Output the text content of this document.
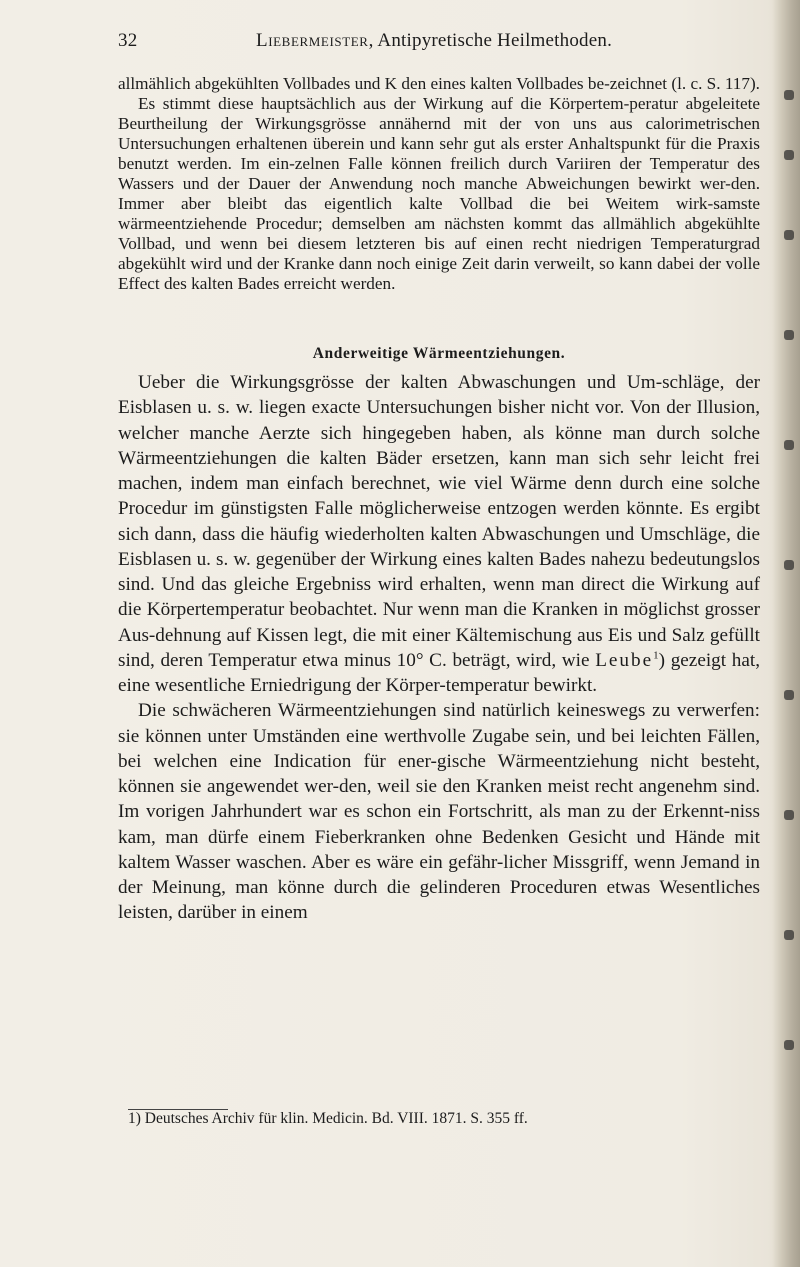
32	Liebermeister, Antipyretische Heilmethoden.

allmählich abgekühlten Vollbades und K den eines kalten Vollbades be-zeichnet (l. c. S. 117).

Es stimmt diese hauptsächlich aus der Wirkung auf die Körpertem-peratur abgeleitete Beurtheilung der Wirkungsgrösse annähernd mit der von uns aus calorimetrischen Untersuchungen erhaltenen überein und kann sehr gut als erster Anhaltspunkt für die Praxis benutzt werden. Im ein-zelnen Falle können freilich durch Variiren der Temperatur des Wassers und der Dauer der Anwendung noch manche Abweichungen bewirkt wer-den. Immer aber bleibt das eigentlich kalte Vollbad die bei Weitem wirk-samste wärmeentziehende Procedur; demselben am nächsten kommt das allmählich abgekühlte Vollbad, und wenn bei diesem letzteren bis auf einen recht niedrigen Temperaturgrad abgekühlt wird und der Kranke dann noch einige Zeit darin verweilt, so kann dabei der volle Effect des kalten Bades erreicht werden.

Anderweitige Wärmeentziehungen.

Ueber die Wirkungsgrösse der kalten Abwaschungen und Um-schläge, der Eisblasen u. s. w. liegen exacte Untersuchungen bisher nicht vor. Von der Illusion, welcher manche Aerzte sich hingegeben haben, als könne man durch solche Wärmeentziehungen die kalten Bäder ersetzen, kann man sich sehr leicht frei machen, indem man einfach berechnet, wie viel Wärme denn durch eine solche Procedur im günstigsten Falle möglicherweise entzogen werden könnte. Es ergibt sich dann, dass die häufig wiederholten kalten Abwaschungen und Umschläge, die Eisblasen u. s. w. gegenüber der Wirkung eines kalten Bades nahezu bedeutungslos sind. Und das gleiche Ergebniss wird erhalten, wenn man direct die Wirkung auf die Körpertemperatur beobachtet. Nur wenn man die Kranken in möglichst grosser Aus-dehnung auf Kissen legt, die mit einer Kältemischung aus Eis und Salz gefüllt sind, deren Temperatur etwa minus 10° C. beträgt, wird, wie Leube$^1$) gezeigt hat, eine wesentliche Erniedrigung der Körper-temperatur bewirkt.

Die schwächeren Wärmeentziehungen sind natürlich keineswegs zu verwerfen: sie können unter Umständen eine werthvolle Zugabe sein, und bei leichten Fällen, bei welchen eine Indication für ener-gische Wärmeentziehung nicht besteht, können sie angewendet wer-den, weil sie den Kranken meist recht angenehm sind. Im vorigen Jahrhundert war es schon ein Fortschritt, als man zu der Erkennt-niss kam, man dürfe einem Fieberkranken ohne Bedenken Gesicht und Hände mit kaltem Wasser waschen. Aber es wäre ein gefähr-licher Missgriff, wenn Jemand in der Meinung, man könne durch die gelinderen Proceduren etwas Wesentliches leisten, darüber in einem

1) Deutsches Archiv für klin. Medicin. Bd. VIII. 1871. S. 355 ff.
